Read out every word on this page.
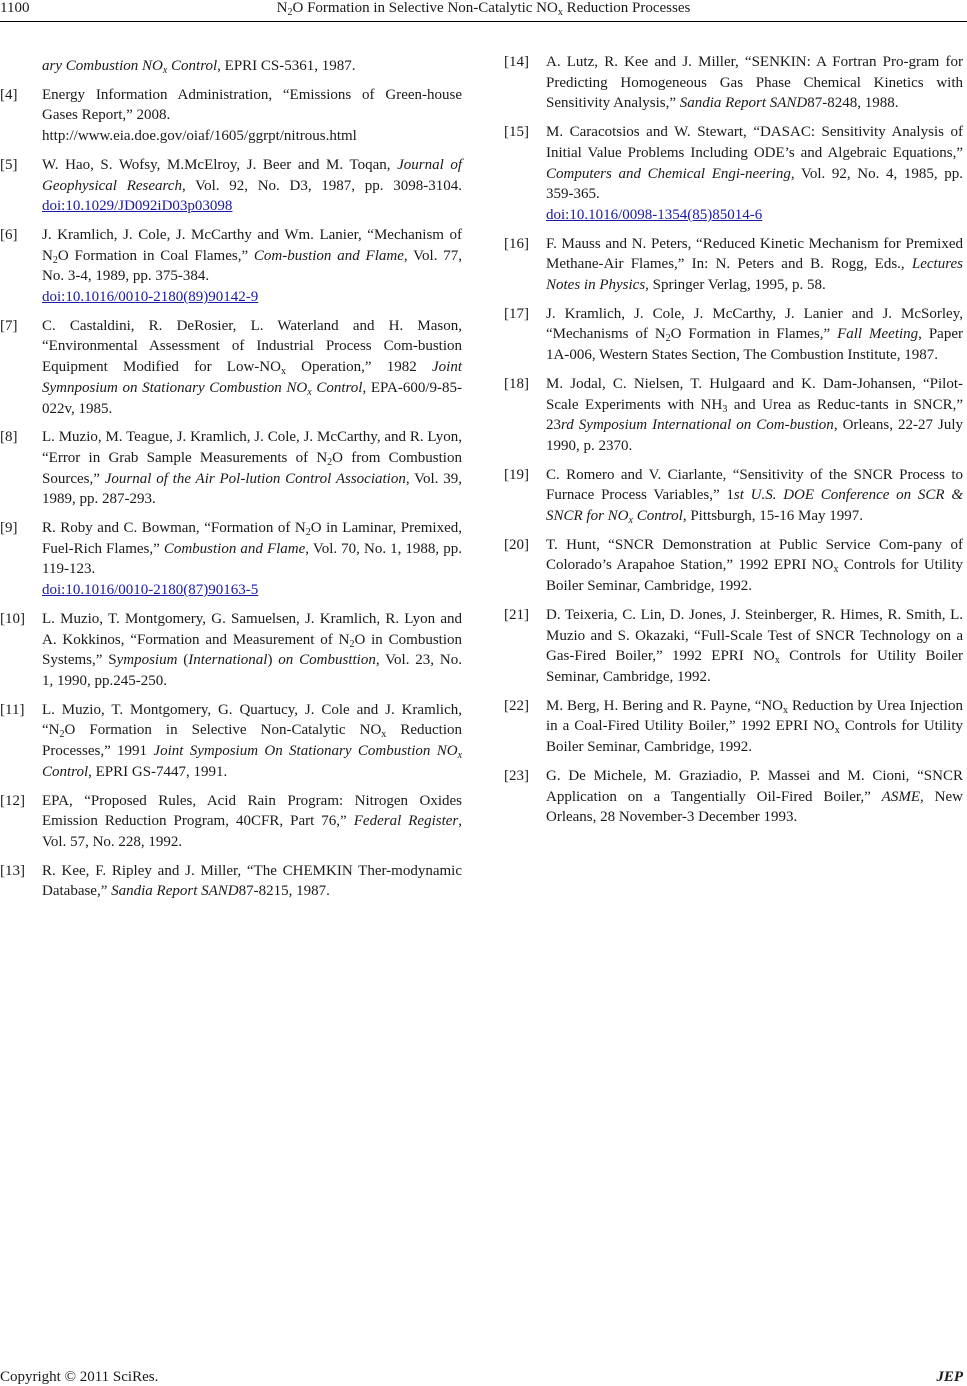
1100	$N_2O$ Formation in Selective Non-Catalytic $NO_x$ Reduction Processes

ary Combustion $NO_x$ Control, EPRI CS-5361, 1987.

[4] Energy Information Administration, “Emissions of Green-house Gases Report,” 2008.
http://www.eia.doe.gov/oiaf/1605/ggrpt/nitrous.html

[5] W. Hao, S. Wofsy, M.McElroy, J. Beer and M. Toqan, Journal of Geophysical Research, Vol. 92, No. D3, 1987, pp. 3098-3104. doi:10.1029/JD092iD03p03098

[6] J. Kramlich, J. Cole, J. McCarthy and Wm. Lanier, “Mechanism of $N_2O$ Formation in Coal Flames,” Com-bustion and Flame, Vol. 77, No. 3-4, 1989, pp. 375-384.
doi:10.1016/0010-2180(89)90142-9

[7] C. Castaldini, R. DeRosier, L. Waterland and H. Mason, “Environmental Assessment of Industrial Process Com-bustion Equipment Modified for Low-$NO_x$ Operation,” 1982 Joint Symnposium on Stationary Combustion $NO_x$ Control, EPA-600/9-85-022v, 1985.

[8] L. Muzio, M. Teague, J. Kramlich, J. Cole, J. McCarthy, and R. Lyon, “Error in Grab Sample Measurements of $N_2O$ from Combustion Sources,” Journal of the Air Pol-lution Control Association, Vol. 39, 1989, pp. 287-293.

[9] R. Roby and C. Bowman, “Formation of $N_2O$ in Laminar, Premixed, Fuel-Rich Flames,” Combustion and Flame, Vol. 70, No. 1, 1988, pp. 119-123.
doi:10.1016/0010-2180(87)90163-5

[10] L. Muzio, T. Montgomery, G. Samuelsen, J. Kramlich, R. Lyon and A. Kokkinos, “Formation and Measurement of $N_2O$ in Combustion Systems,” Symposium (International) on Combusttion, Vol. 23, No. 1, 1990, pp.245-250.

[11] L. Muzio, T. Montgomery, G. Quartucy, J. Cole and J. Kramlich, “$N_2O$ Formation in Selective Non-Catalytic $NO_x$ Reduction Processes,” 1991 Joint Symposium On Stationary Combustion $NO_x$ Control, EPRI GS-7447, 1991.

[12] EPA, “Proposed Rules, Acid Rain Program: Nitrogen Oxides Emission Reduction Program, 40CFR, Part 76,” Federal Register, Vol. 57, No. 228, 1992.

[13] R. Kee, F. Ripley and J. Miller, “The CHEMKIN Ther-modynamic Database,” Sandia Report SAND87-8215, 1987.

[14] A. Lutz, R. Kee and J. Miller, “SENKIN: A Fortran Pro-gram for Predicting Homogeneous Gas Phase Chemical Kinetics with Sensitivity Analysis,” Sandia Report SAND87-8248, 1988.

[15] M. Caracotsios and W. Stewart, “DASAC: Sensitivity Analysis of Initial Value Problems Including ODE’s and Algebraic Equations,” Computers and Chemical Engi-neering, Vol. 92, No. 4, 1985, pp. 359-365.
doi:10.1016/0098-1354(85)85014-6

[16] F. Mauss and N. Peters, “Reduced Kinetic Mechanism for Premixed Methane-Air Flames,” In: N. Peters and B. Rogg, Eds., Lectures Notes in Physics, Springer Verlag, 1995, p. 58.

[17] J. Kramlich, J. Cole, J. McCarthy, J. Lanier and J. McSorley, “Mechanisms of $N_2O$ Formation in Flames,” Fall Meeting, Paper 1A-006, Western States Section, The Combustion Institute, 1987.

[18] M. Jodal, C. Nielsen, T. Hulgaard and K. Dam-Johansen, “Pilot-Scale Experiments with $NH_3$ and Urea as Reduc-tants in SNCR,” 23rd Symposium International on Com-bustion, Orleans, 22-27 July 1990, p. 2370.

[19] C. Romero and V. Ciarlante, “Sensitivity of the SNCR Process to Furnace Process Variables,” 1st U.S. DOE Conference on SCR & SNCR for $NO_x$ Control, Pittsburgh, 15-16 May 1997.

[20] T. Hunt, “SNCR Demonstration at Public Service Com-pany of Colorado’s Arapahoe Station,” 1992 EPRI $NO_x$ Controls for Utility Boiler Seminar, Cambridge, 1992.

[21] D. Teixeria, C. Lin, D. Jones, J. Steinberger, R. Himes, R. Smith, L. Muzio and S. Okazaki, “Full-Scale Test of SNCR Technology on a Gas-Fired Boiler,” 1992 EPRI $NO_x$ Controls for Utility Boiler Seminar, Cambridge, 1992.

[22] M. Berg, H. Bering and R. Payne, “$NO_x$ Reduction by Urea Injection in a Coal-Fired Utility Boiler,” 1992 EPRI $NO_x$ Controls for Utility Boiler Seminar, Cambridge, 1992.

[23] G. De Michele, M. Graziadio, P. Massei and M. Cioni, “SNCR Application on a Tangentially Oil-Fired Boiler,” ASME, New Orleans, 28 November-3 December 1993.

Copyright © 2011 SciRes.	JEP
